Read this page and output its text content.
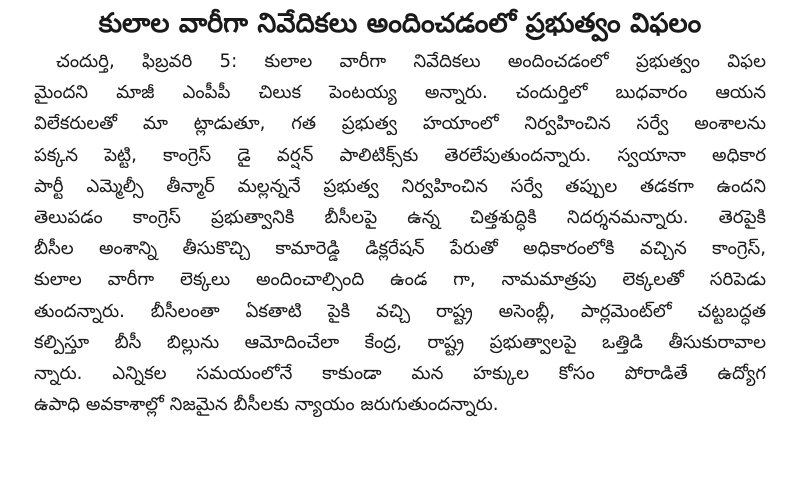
కులాల వారీగా నివేదికలు అందించడంలో ప్రభుత్వం విఫలం
చందుర్తి, ఫిబ్రవరి 5: కులాల వారీగా నివేదికలు అందించడంలో ప్రభుత్వం విఫల
మైందని మాజీ ఎంపీపీ చిలుక పెంటయ్య అన్నారు. చందుర్తిలో బుధవారం ఆయన
విలేకరులతో మా ట్లాడుతూ, గత ప్రభుత్వ హయాంలో నిర్వహించిన సర్వే అంశాలను
పక్కన పెట్టి, కాంగ్రెస్ డై వర్షన్ పాలిటిక్స్‌కు తెరలేపుతుందన్నారు. స్వయానా అధికార
పార్టీ ఎమ్మెల్సీ తీన్మార్ మల్లన్ననే ప్రభుత్వ నిర్వహించిన సర్వే తప్పుల తడకగా ఉందని
తెలుపడం కాంగ్రెస్ ప్రభుత్వానికి బీసీలపై ఉన్న చిత్తశుద్ధికి నిదర్శనమన్నారు. తెరపైకి
బీసీల అంశాన్ని తీసుకొచ్చి కామారెడ్డి డిక్లరేషన్ పేరుతో అధికారంలోకి వచ్చిన కాంగ్రెస్,
కులాల వారీగా లెక్కలు అందించాల్సింది ఉండ గా, నామమాత్రపు లెక్కలతో సరిపెడు
తుందన్నారు. బీసీలంతా ఏకతాటి పైకి వచ్చి రాష్ట్ర అసెంబ్లీ, పార్లమెంట్‌లో చట్టబద్ధత
కల్పిస్తూ బీసీ బిల్లును ఆమోదించేలా కేంద్ర, రాష్ట్ర ప్రభుత్వాలపై ఒత్తిడి తీసుకురావాల
న్నారు. ఎన్నికల సమయంలోనే కాకుండా మన హక్కుల కోసం పోరాడితే ఉద్యోగ
ఉపాధి అవకాశాల్లో నిజమైన బీసీలకు న్యాయం జరుగుతుందన్నారు.
